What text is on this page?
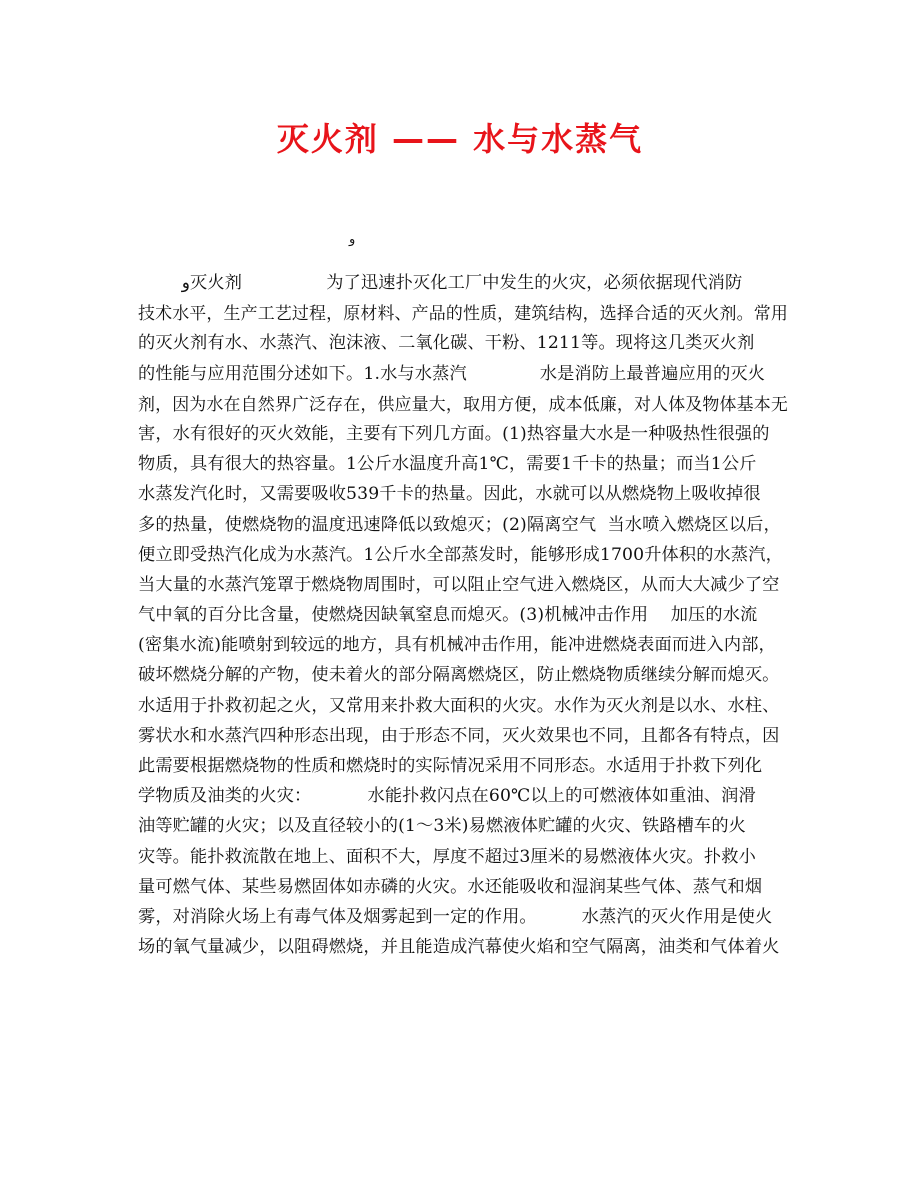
灭火剂 —— 水与水蒸气
و
و灭火剂               为了迅速扑灭化工厂中发生的火灾，必须依据现代消防
技术水平，生产工艺过程，原材料、产品的性质，建筑结构，选择合适的灭火剂。常用
的灭火剂有水、水蒸汽、泡沫液、二氧化碳、干粉、1211等。现将这几类灭火剂
的性能与应用范围分述如下。1.水与水蒸汽             水是消防上最普遍应用的灭火
剂，因为水在自然界广泛存在，供应量大，取用方便，成本低廉，对人体及物体基本无
害，水有很好的灭火效能，主要有下列几方面。(1)热容量大水是一种吸热性很强的
物质，具有很大的热容量。1公斤水温度升高1℃，需要1千卡的热量；而当1公斤
水蒸发汽化时，又需要吸收539千卡的热量。因此，水就可以从燃烧物上吸收掉很
多的热量，使燃烧物的温度迅速降低以致熄灭；(2)隔离空气  当水喷入燃烧区以后，
便立即受热汽化成为水蒸汽。1公斤水全部蒸发时，能够形成1700升体积的水蒸汽，
当大量的水蒸汽笼罩于燃烧物周围时，可以阻止空气进入燃烧区，从而大大减少了空
气中氧的百分比含量，使燃烧因缺氧窒息而熄灭。(3)机械冲击作用    加压的水流
(密集水流)能喷射到较远的地方，具有机械冲击作用，能冲进燃烧表面而进入内部，
破坏燃烧分解的产物，使未着火的部分隔离燃烧区，防止燃烧物质继续分解而熄灭。
水适用于扑救初起之火，又常用来扑救大面积的火灾。水作为灭火剂是以水、水柱、
雾状水和水蒸汽四种形态出现，由于形态不同，灭火效果也不同，且都各有特点，因
此需要根据燃烧物的性质和燃烧时的实际情况采用不同形态。水适用于扑救下列化
学物质及油类的火灾：          水能扑救闪点在60℃以上的可燃液体如重油、润滑
油等贮罐的火灾；以及直径较小的(1～3米)易燃液体贮罐的火灾、铁路槽车的火
灾等。能扑救流散在地上、面积不大，厚度不超过3厘米的易燃液体火灾。扑救小
量可燃气体、某些易燃固体如赤磷的火灾。水还能吸收和湿润某些气体、蒸气和烟
雾，对消除火场上有毒气体及烟雾起到一定的作用。        水蒸汽的灭火作用是使火
场的氧气量减少，以阻碍燃烧，并且能造成汽幕使火焰和空气隔离，油类和气体着火
